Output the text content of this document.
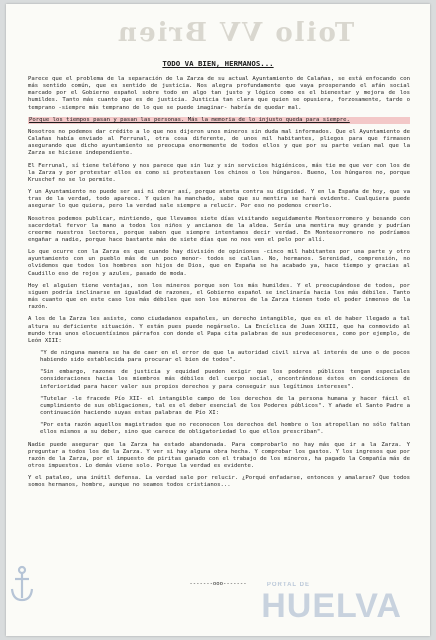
Toilo VV Brien
TODO VA BIEN, HERMANOS...

Parece que el problema de la separación de la Zarza de su actual Ayuntamiento de Calañas, se está enfocando con más sentido común, que es sentido de justicia. Nos alegra profundamente que vaya prosperando el afán social marcado por el Gobierno español sobre todo en algo tan justo y lógico como es el bienestar y mejora de los humildes. Tanto más cuanto que es de justicia. Justicia tan clara que quien se opusiera, forzosamente, tarde o temprano -siempre más temprano de lo que se puede imaginar- habría de quedar mal.

Porque los tiempos pasan y pasan las personas. Más la memoria de lo injusto queda para siempre.

Nosotros no podemos dar crédito a lo que nos dijeron unos mineros sin duda mal informados. Que el Ayuntamiento de Calañas había enviado al Ferrunal, otra cosa diferente, de unos mil habitantes, pliegos para que firmasen asegurando que dicho ayuntamiento se preocupa enormemente de todos ellos y que por su parte veían mal que la Zarza se hiciese independiente.

El Ferrunal, sí tiene teléfono y nos parece que sin luz y sin servicios higiénicos, más tie me que ver con los de la Zarza y por protestar ellos es como si protestasen los chinos o los húngaros. Bueno, los húngaros no, porque Kruschef no se lo permite.

Y un Ayuntamiento no puede ser así ni obrar así, porque atenta contra su dignidad. Y en la España de hoy, que va tras de la verdad, todo aparece. Y quien ha manchado, sabe que su mentira se hará evidente. Cualquiera puede asegurar lo que quiera, pero la verdad sale siempre a relucir. Por eso no podemos creerlo.

Nosotros podemos publicar, mintiendo, que llevamos siete días visitando seguidamente Montesorromero y besando con sacerdotal fervor la mano a todos los niños y ancianos de la aldea. Sería una mentira muy grande y pudrían creerme nuestros lectores, porque saben que siempre intentamos decir verdad. En Montesorromero no podríamos engañar a nadie, porque hace bastante más de siete días que no nos ven el pelo por allí.

Lo que ocurre con la Zarza es que cuando hay división de opiniones -cinco mil habitantes por una parte y otro ayuntamiento con un pueblo más de un poco menor- todos se callan. No, hermanos. Serenidad, comprensión, no olvidemos que todos los hombres son hijos de Dios, que en España se ha acabado ya, hace tiempo y gracias al Caudillo eso de rojos y azules, pasado de moda.

Hoy el alguien tiene ventajas, son los mineros porque son los más humildes. Y el preocupándose de todos, por siguen podría inclinarse en igualdad de razones, el Gobierno español se inclinaría hacia los más débiles. Tanto más cuanto que en este caso los más débiles que son los mineros de la Zarza tienen todo el poder inmenso de la razón.

A los de la Zarza les asiste, como ciudadanos españoles, un derecho intangible, que es el de haber llegado a tal altura su deficiente situación. Y están pues puede negárselo. La Encíclica de Juan XXIII, que ha conmovido al mundo tras unos elocuentísimos párrafos con donde el Papa cita palabras de sus predecesores, como por ejemplo, de León XIII:

"Y de ninguna manera se ha de caer en el error de que la autoridad civil sirva al interés de uno o de pocos habiendo sido establecida para procurar el bien de todos".

"Sin embargo, razones de justicia y equidad pueden exigir que los poderes públicos tengan especiales consideraciones hacia los miembros más débiles del cuerpo social, encontrándose éstos en condiciones de inferioridad para hacer valer sus propios derechos y para conseguir sus legítimos intereses".

"Tutelar -le fracede Pío XII- el intangible campo de los derechos de la persona humana y hacer fácil el cumplimiento de sus obligaciones, tal es el deber esencial de los Poderes públicos". Y añade el Santo Padre a continuación haciendo suyas estas palabras de Pío XI:

"Por esta razón aquellos magistrados que no reconocen los derechos del hombre o los atropellan no sólo faltan ellos mismos a su deber, sino que carece de obligatoriedad lo que ellos prescriban".

Nadie puede asegurar que la Zarza ha estado abandonada. Para comprobarlo no hay más que ir a la Zarza. Y preguntar a todos los de la Zarza. Y ver si hay alguna obra hecha. Y comprobar los gastos. Y los ingresos que por razón de la Zarza, por el impuesto de piritas ganado con el trabajo de los mineros, ha pagado la Compañía más de otros impuestos. Lo demás viene solo. Porque la verdad es evidente.

Y el pataleo, una inútil defensa. La verdad sale por relucir. ¿Porqué enfadarse, entonces y amalarse? Que todos somos hermanos, hombre, aunque no seamos todos cristianos...

-------ooo-------	PORTAL DE
HUELVA
